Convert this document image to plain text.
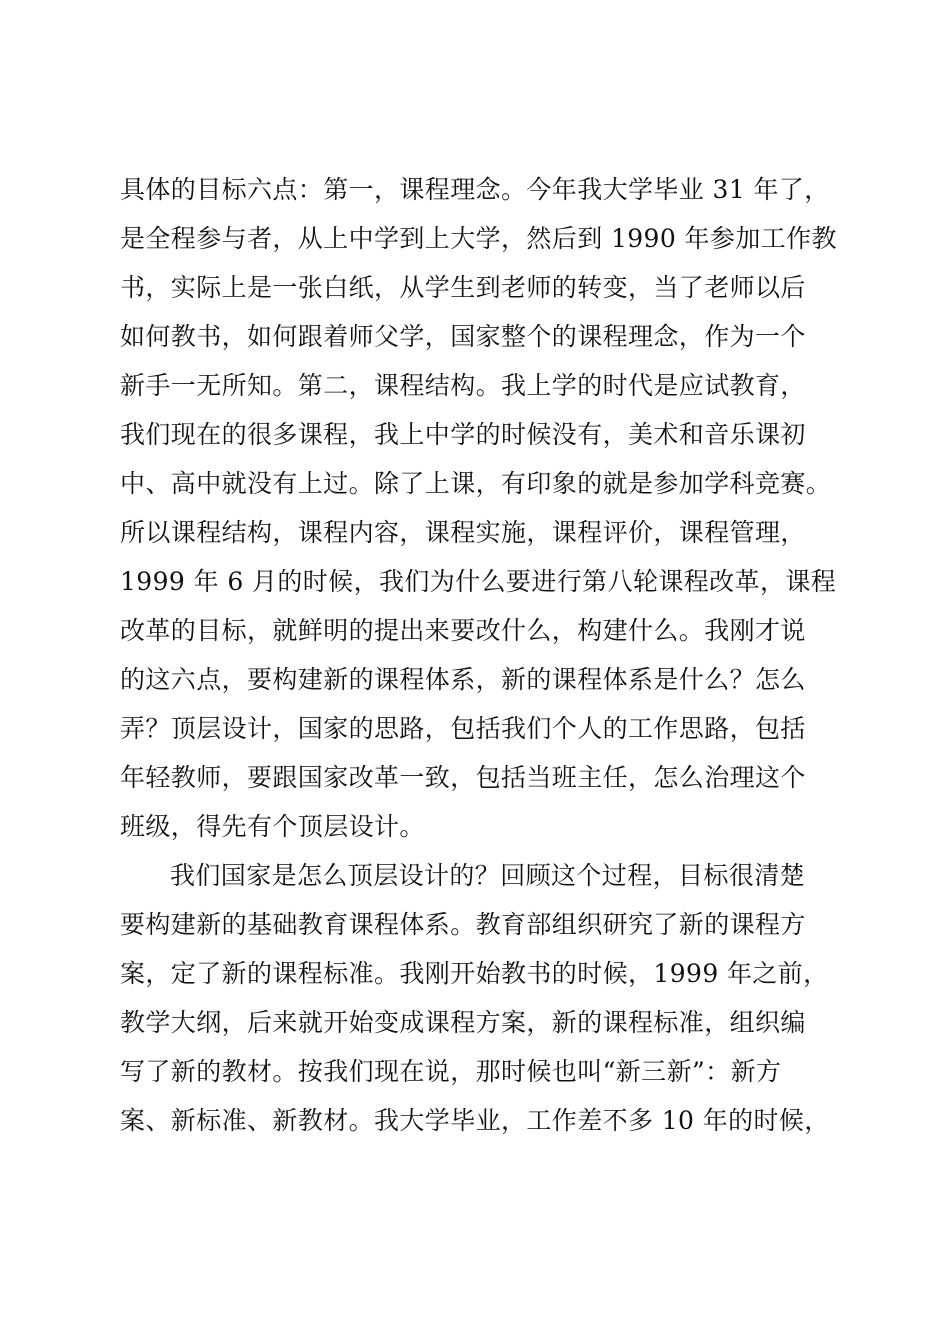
具体的目标六点：第一，课程理念。今年我大学毕业 31 年了，
是全程参与者，从上中学到上大学，然后到 1990 年参加工作教
书，实际上是一张白纸，从学生到老师的转变，当了老师以后
如何教书，如何跟着师父学，国家整个的课程理念，作为一个
新手一无所知。第二，课程结构。我上学的时代是应试教育，
我们现在的很多课程，我上中学的时候没有，美术和音乐课初
中、高中就没有上过。除了上课，有印象的就是参加学科竞赛。
所以课程结构，课程内容，课程实施，课程评价，课程管理，
1999 年 6 月的时候，我们为什么要进行第八轮课程改革，课程
改革的目标，就鲜明的提出来要改什么，构建什么。我刚才说
的这六点，要构建新的课程体系，新的课程体系是什么？怎么
弄？顶层设计，国家的思路，包括我们个人的工作思路，包括
年轻教师，要跟国家改革一致，包括当班主任，怎么治理这个
班级，得先有个顶层设计。
我们国家是怎么顶层设计的？回顾这个过程，目标很清楚
要构建新的基础教育课程体系。教育部组织研究了新的课程方
案，定了新的课程标准。我刚开始教书的时候，1999 年之前，
教学大纲，后来就开始变成课程方案，新的课程标准，组织编
写了新的教材。按我们现在说，那时候也叫“新三新”：新方
案、新标准、新教材。我大学毕业，工作差不多 10 年的时候，
